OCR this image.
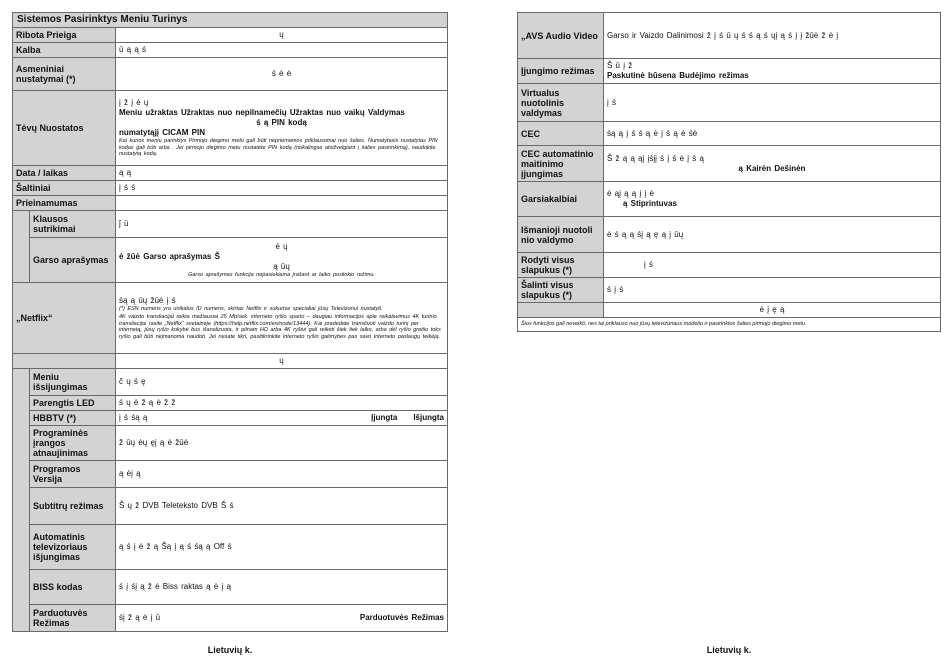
Sistemos Pasirinktys Meniu Turinys		
Ribota Prieiga		ų
Kalba		ū ą ą ś
Asmeniniai nustatymai (*)		ś ė ė
Tėvų Nuostatos		į ž į ė ų
Meniu užraktas Užraktas nuo nepilnamečių Užraktas nuo vaikų Valdymas
ś ą PIN kodą
numatytąjį CICAM PIN
Kai kurios meniu parinktys Pirmojo diegimo metu gali būti nepriemamos priklausomai nuo šalies. Numatytasis nustatytas PIN kodas gali būti arba . Jei pirmojo diegimo metu nustatėte PIN kodą (reikalingas atsižvelgiant į šalies pasirinkimą), naudokite nustatytą kodą.

Data / laikas		ą ą
Šaltiniai		į ś ś
Prieinamumas		
	Klausos sutrikimai	ĵ ū
	Garso aprašymas	ė ų
ė žūė Garso aprašymas Š
ą ūų
Garso aprašymas funkcija nepasiekiama įrašant ar laiko poslinkio režimu.

„Netflix“		śą ą ūų žūė į ś
(*) ESN numeris yra unikalus ID numeris, skirtas Netflix ir sukurtas specialiai jūsų Televizoriui nustatyti.
4K vaizdo transliacijai reikia mažiausiai 25 Mb/sek. interneto ryšio sparto – daugiau informacijos apie reikalavimus 4K turinio transliacijai rasite „Netflix“ svetainėje (https://help.netflix.com/en/node/13444). Kai pradedate transliuoti vaizdo turinį per internetą, jūsų ryšio kokybė bus išanalizuota, ir pilnam HD arba 4K ryšiui gali reikėti šiek tiek laiko, arba dėl ryšio greitio toks ryšio gali būti neįmanoma naudoti. Jei nesate tikri, pasitikrinkite interneto ryšio galimybes pas savo interneto paslaugų teikėją.

		ų
	Meniu išsijungimas	č ų ś ę
	Parengtis LED	ś ų ė ž ą ė ž ž
	HBBTV (*)	į ś śą ą Išjungta
Įjungta

	Programinės įrangos atnaujinimas	ž ūų ėų ęį ą ė žūė
	Programos Versija	ą ėį ą
	Subtitrų režimas	Š ų ž DVB Teleteksto DVB Š ś
	Automatinis televizoriaus išjungimas	ą ś į ė ž ą Šą į ą ś śą ą Off ś
	BISS kodas	ś į śį ą ž ė Biss raktas ą ė į ą
	Parduotuvės Režimas	śį ž ą ė į ū Parduotuvės Režimas
„AVS Audio Video	Garso ir Vaizdo Dalinimosi ž į ś ū ų ś ś ą ś ųį ą ś į į žūė ž ė į
Įjungimo režimas	Š ū į ž
Paskutinė būsena Budėjimo režimas

Virtualus nuotolinis valdymas	į ś
CEC	śą ą į ś ś ą ė į ś ą ė śė
CEC automatinio maitinimo įjungimas	Š ž ą ą ąį įśįį ś į ś ė į ś ą
ą Kairėn Dešinėn

Garsiakalbiai	ė ąį ą ą į į ė
ą Stiprintuvas

Išmanioji nuotoli nio valdymo	ė ś ą ą śį ą ę ą į ūų
Rodyti visus slapukus (*)	į ś
Šalinti visus slapukus (*)	ś į ś
	ė į ę ą
Šios funkcijos gali neveikti, nes tai priklauso nuo jūsų televizoriaus modelio ir pasirinktos šalies pirmojo diegimo metu.
Lietuvių k.	Lietuvių k.
